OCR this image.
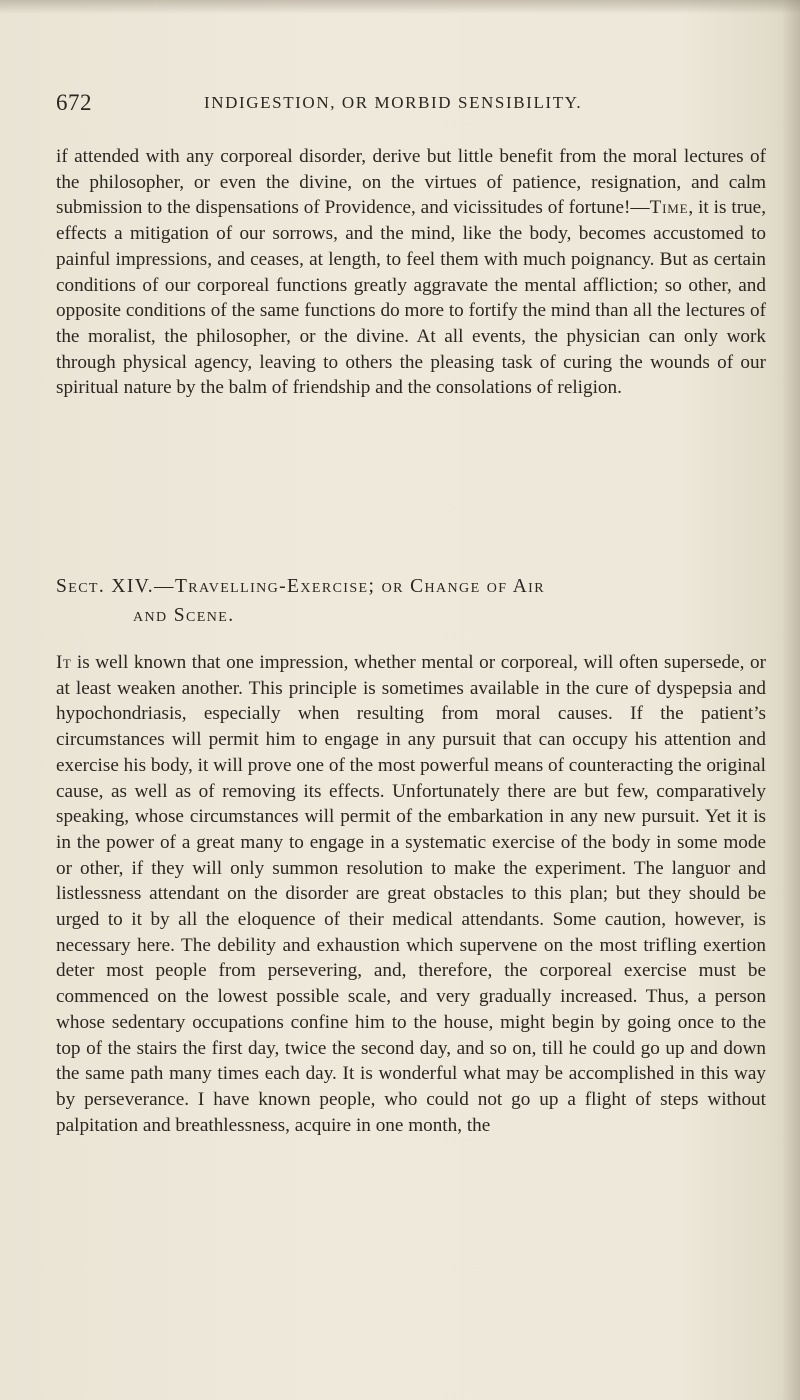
672	INDIGESTION, OR MORBID SENSIBILITY.

if attended with any corporeal disorder, derive but little benefit from the moral lectures of the philosopher, or even the divine, on the virtues of patience, resignation, and calm submission to the dispensations of Providence, and vicissitudes of fortune!—Time, it is true, effects a mitigation of our sorrows, and the mind, like the body, becomes accustomed to painful impressions, and ceases, at length, to feel them with much poignancy. But as certain conditions of our corporeal functions greatly aggravate the mental affliction; so other, and opposite conditions of the same functions do more to fortify the mind than all the lectures of the moralist, the philosopher, or the divine. At all events, the physician can only work through physical agency, leaving to others the pleasing task of curing the wounds of our spiritual nature by the balm of friendship and the consolations of religion.

Sect. XIV.—Travelling-Exercise; or Change of Air
and Scene.

It is well known that one impression, whether mental or corporeal, will often supersede, or at least weaken another. This principle is sometimes available in the cure of dyspepsia and hypochondriasis, especially when resulting from moral causes. If the patient’s circumstances will permit him to engage in any pursuit that can occupy his attention and exercise his body, it will prove one of the most powerful means of counteracting the original cause, as well as of removing its effects. Unfortunately there are but few, comparatively speaking, whose circumstances will permit of the embarkation in any new pursuit. Yet it is in the power of a great many to engage in a systematic exercise of the body in some mode or other, if they will only summon resolution to make the experiment. The languor and listlessness attendant on the disorder are great obstacles to this plan; but they should be urged to it by all the eloquence of their medical attendants. Some caution, however, is necessary here. The debility and exhaustion which supervene on the most trifling exertion deter most people from persevering, and, therefore, the corporeal exercise must be commenced on the lowest possible scale, and very gradually increased. Thus, a person whose sedentary occupations confine him to the house, might begin by going once to the top of the stairs the first day, twice the second day, and so on, till he could go up and down the same path many times each day. It is wonderful what may be accomplished in this way by perseverance. I have known people, who could not go up a flight of steps without palpitation and breathlessness, acquire in one month, the
